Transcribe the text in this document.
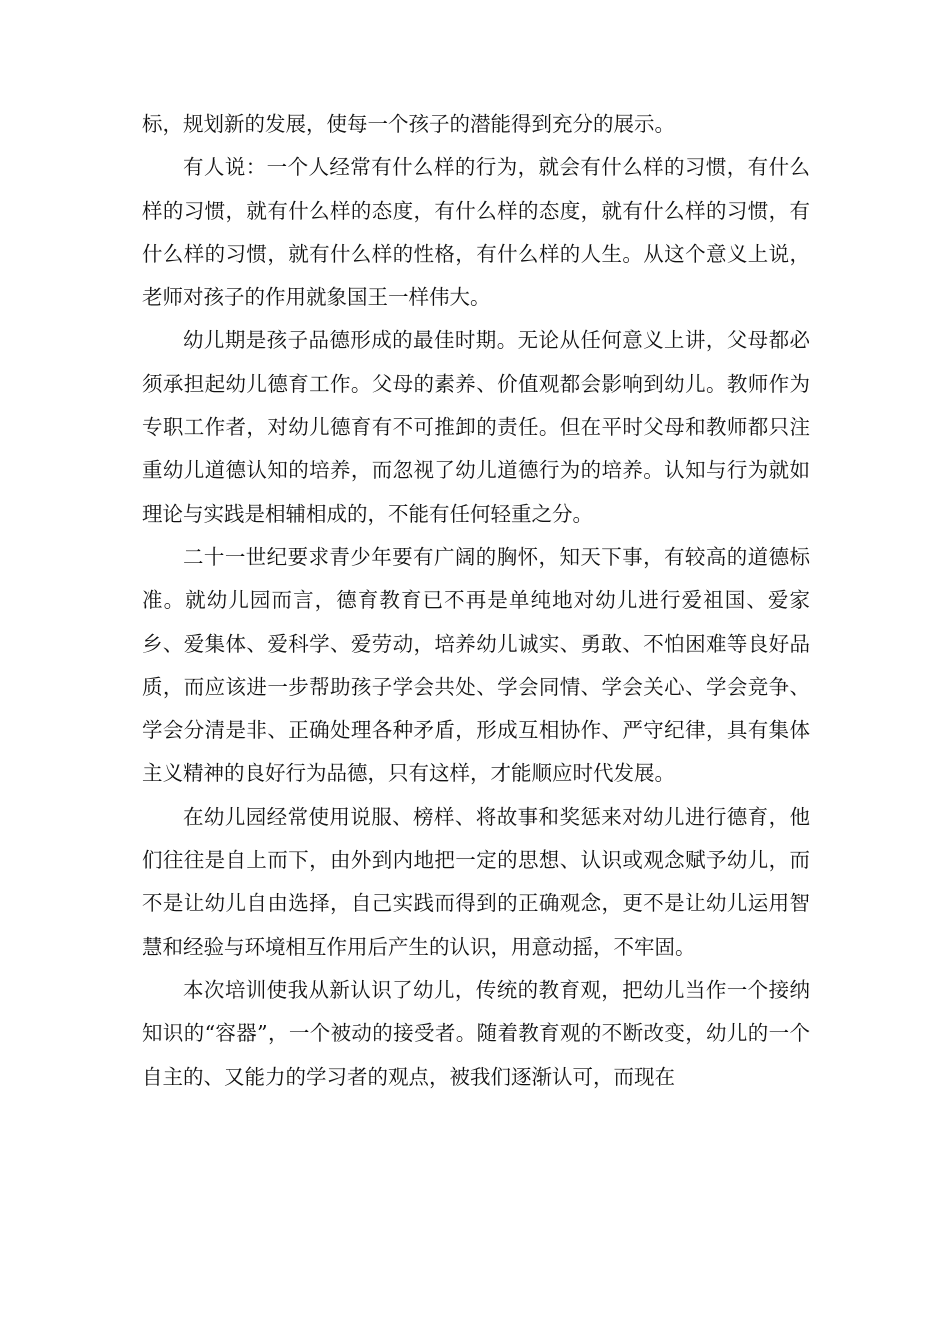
标，规划新的发展，使每一个孩子的潜能得到充分的展示。

有人说：一个人经常有什么样的行为，就会有什么样的习惯，有什么样的习惯，就有什么样的态度，有什么样的态度，就有什么样的习惯，有什么样的习惯，就有什么样的性格，有什么样的人生。从这个意义上说，老师对孩子的作用就象国王一样伟大。

幼儿期是孩子品德形成的最佳时期。无论从任何意义上讲，父母都必须承担起幼儿德育工作。父母的素养、价值观都会影响到幼儿。教师作为专职工作者，对幼儿德育有不可推卸的责任。但在平时父母和教师都只注重幼儿道德认知的培养，而忽视了幼儿道德行为的培养。认知与行为就如理论与实践是相辅相成的，不能有任何轻重之分。

二十一世纪要求青少年要有广阔的胸怀，知天下事，有较高的道德标准。就幼儿园而言，德育教育已不再是单纯地对幼儿进行爱祖国、爱家乡、爱集体、爱科学、爱劳动，培养幼儿诚实、勇敢、不怕困难等良好品质，而应该进一步帮助孩子学会共处、学会同情、学会关心、学会竞争、学会分清是非、正确处理各种矛盾，形成互相协作、严守纪律，具有集体主义精神的良好行为品德，只有这样，才能顺应时代发展。

在幼儿园经常使用说服、榜样、将故事和奖惩来对幼儿进行德育，他们往往是自上而下，由外到内地把一定的思想、认识或观念赋予幼儿，而不是让幼儿自由选择，自己实践而得到的正确观念，更不是让幼儿运用智慧和经验与环境相互作用后产生的认识，用意动摇，不牢固。

本次培训使我从新认识了幼儿，传统的教育观，把幼儿当作一个接纳知识的“容器”，一个被动的接受者。随着教育观的不断改变，幼儿的一个自主的、又能力的学习者的观点，被我们逐渐认可，而现在
